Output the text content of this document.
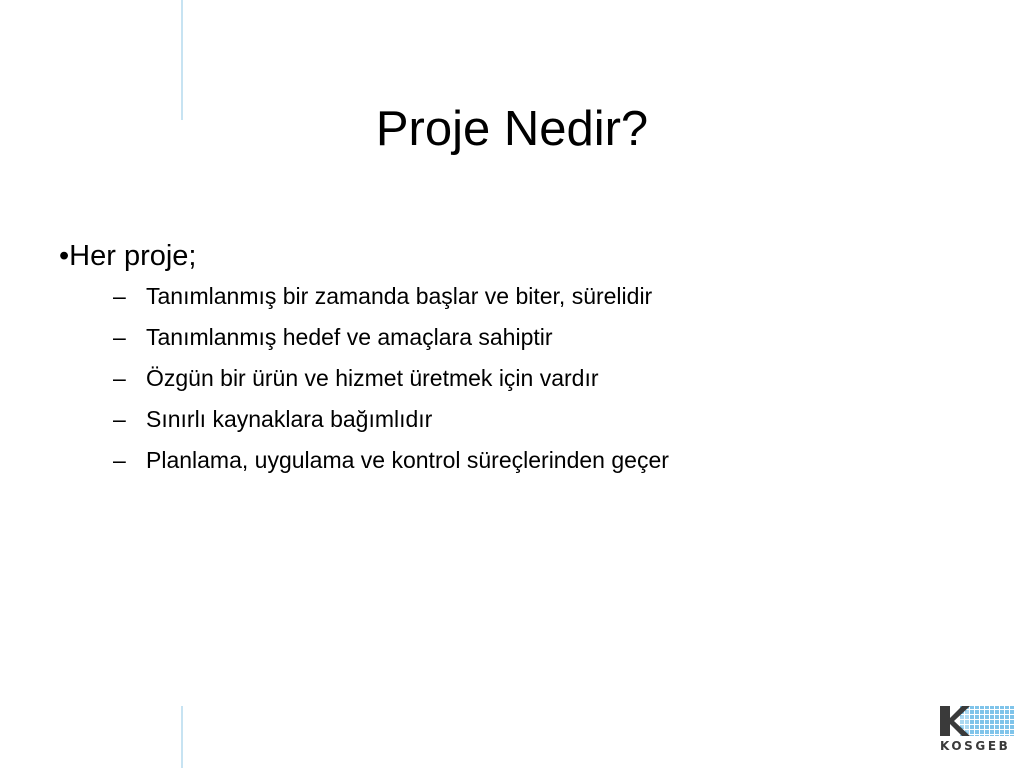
Proje Nedir?

•Her proje;

– Tanımlanmış bir zamanda başlar ve biter, sürelidir
– Tanımlanmış hedef ve amaçlara sahiptir
– Özgün bir ürün ve hizmet üretmek için vardır
– Sınırlı kaynaklara bağımlıdır
– Planlama, uygulama ve kontrol süreçlerinden geçer
KOSGEB
